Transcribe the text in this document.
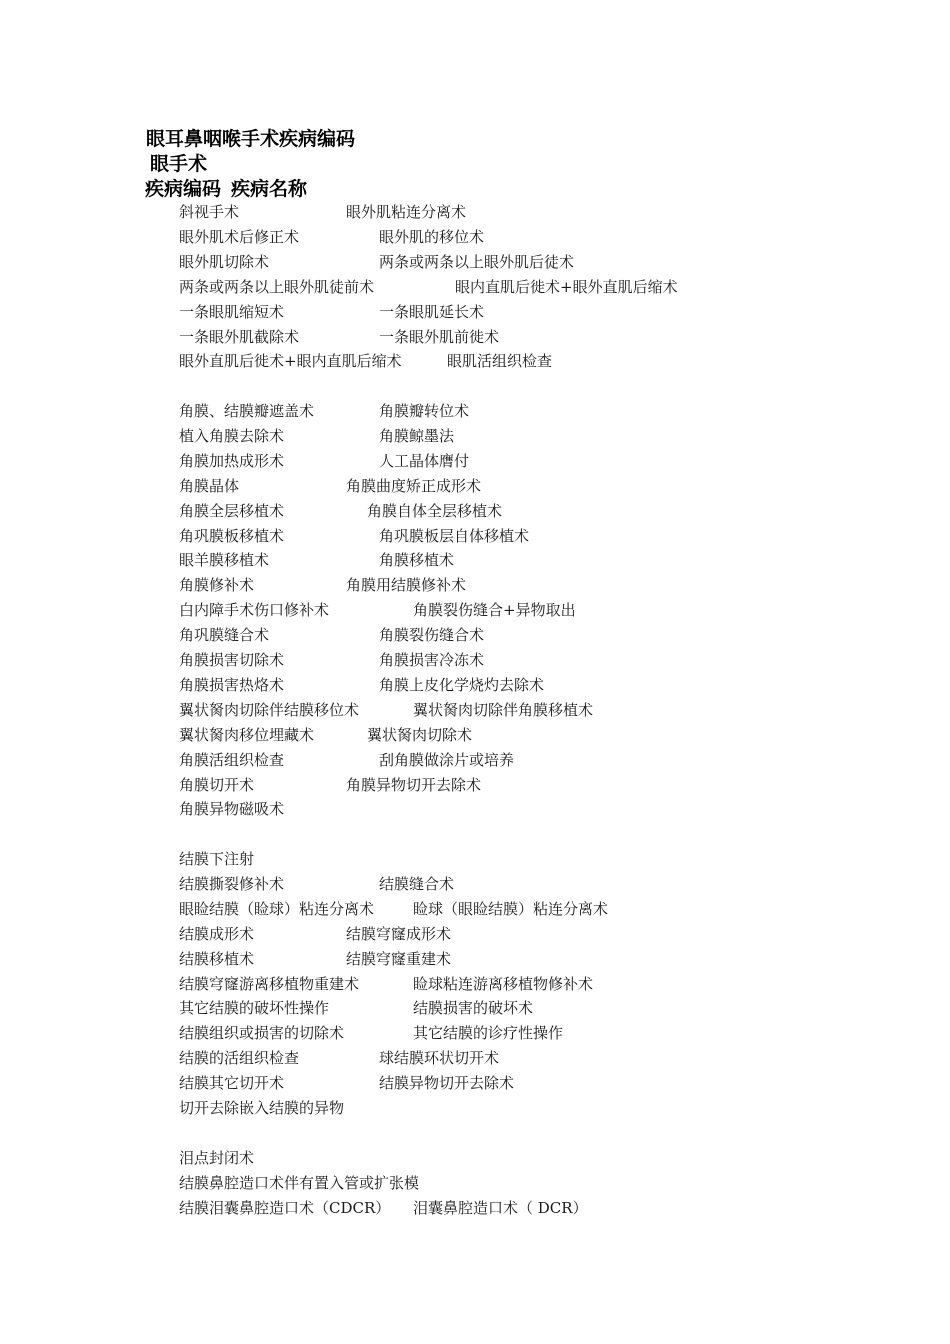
眼耳鼻咽喉手术疾病编码
眼手术
疾病编码 疾病名称
斜视手术	眼外肌粘连分离术
眼外肌术后修正术	眼外肌的移位术
眼外肌切除术	两条或两条以上眼外肌后徒术
两条或两条以上眼外肌徒前术	眼内直肌后徙术+眼外直肌后缩术
一条眼肌缩短术	一条眼肌延长术
一条眼外肌截除术	一条眼外肌前徙术
眼外直肌后徙术+眼内直肌后缩术	眼肌活组织检查
角膜、结膜瓣遮盖术	角膜瓣转位术
植入角膜去除术	角膜鲸墨法
角膜加热成形术	人工晶体膺付
角膜晶体	角膜曲度矫正成形术
角膜全层移植术	角膜自体全层移植术
角巩膜板移植术	角巩膜板层自体移植术
眼羊膜移植术	角膜移植术
角膜修补术	角膜用结膜修补术
白内障手术伤口修补术	角膜裂伤缝合+异物取出
角巩膜缝合术	角膜裂伤缝合术
角膜损害切除术	角膜损害冷冻术
角膜损害热烙术	角膜上皮化学烧灼去除术
翼状胬肉切除伴结膜移位术	翼状胬肉切除伴角膜移植术
翼状胬肉移位埋藏术	翼状胬肉切除术
角膜活组织检查	刮角膜做涂片或培养
角膜切开术	角膜异物切开去除术
角膜异物磁吸术
结膜下注射
结膜撕裂修补术	结膜缝合术
眼睑结膜（睑球）粘连分离术	睑球（眼睑结膜）粘连分离术
结膜成形术	结膜穹窿成形术
结膜移植术	结膜穹窿重建术
结膜穹窿游离移植物重建术	睑球粘连游离移植物修补术
其它结膜的破坏性操作	结膜损害的破坏术
结膜组织或损害的切除术	其它结膜的诊疗性操作
结膜的活组织检查	球结膜环状切开术
结膜其它切开术	结膜异物切开去除术
切开去除嵌入结膜的异物
泪点封闭术
结膜鼻腔造口术伴有置入管或扩张模
结膜泪囊鼻腔造口术（CDCR） 泪囊鼻腔造口术（ DCR）
